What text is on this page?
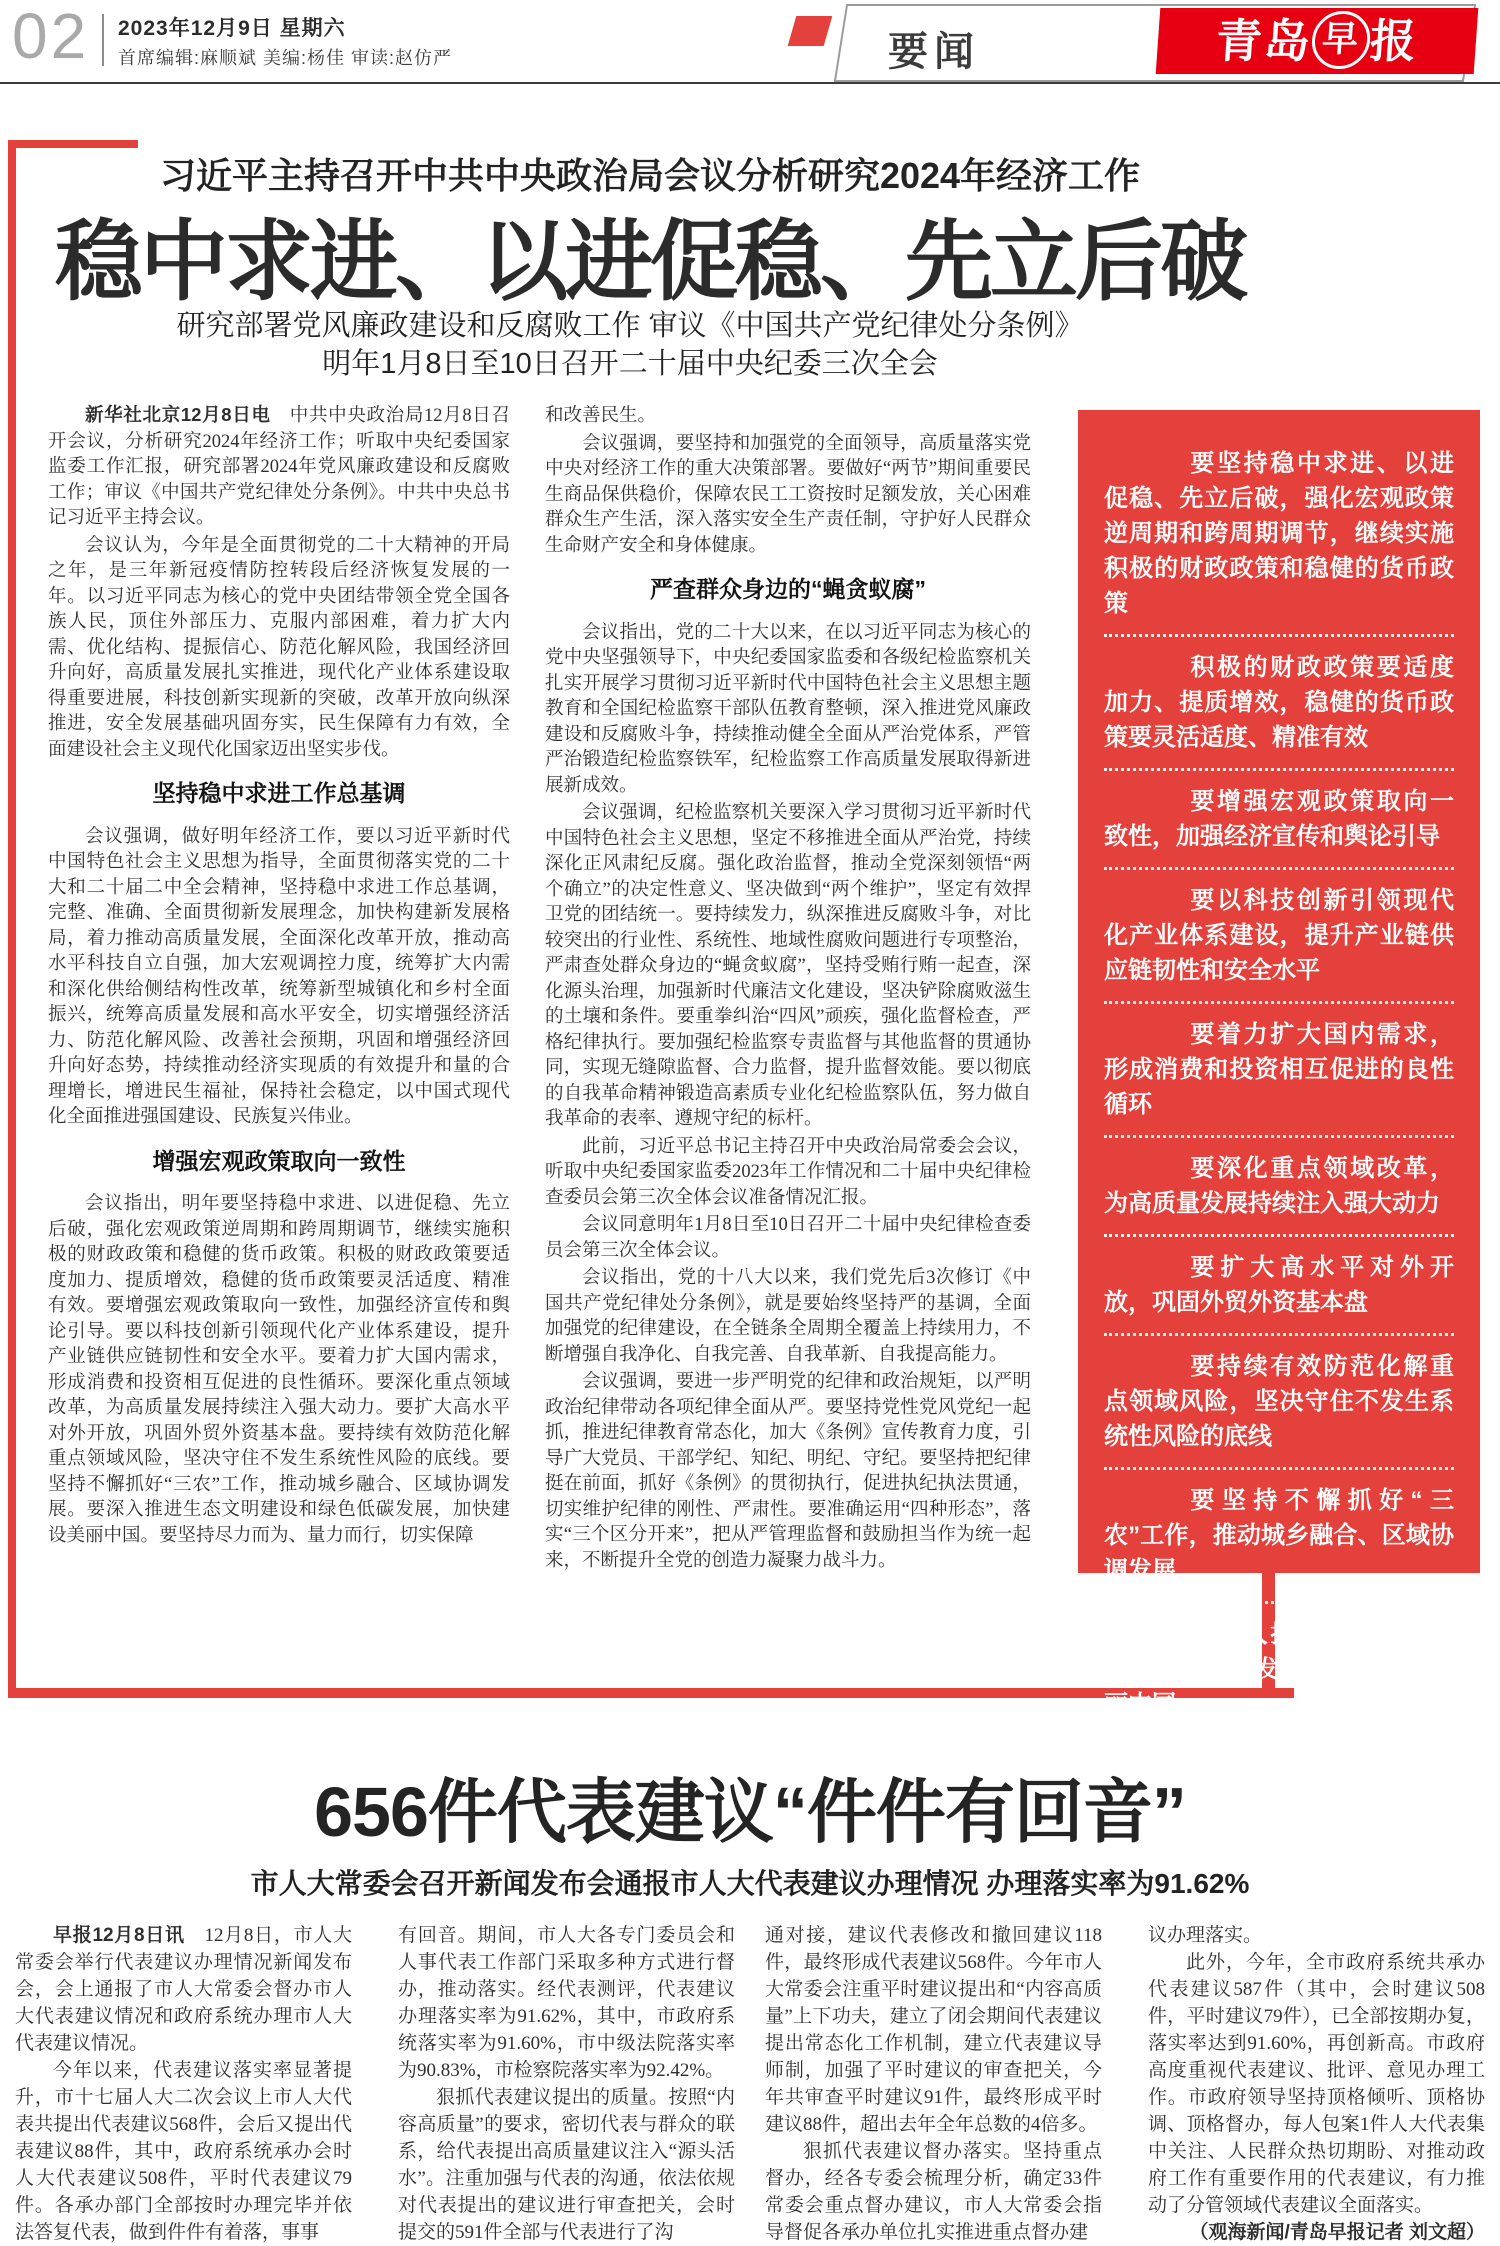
02 2023年12月9日 星期六
首席编辑:麻顺斌 美编:杨佳 审读:赵仿严	要闻	青岛 早 报
习近平主持召开中共中央政治局会议分析研究2024年经济工作
稳中求进、以进促稳、先立后破
研究部署党风廉政建设和反腐败工作 审议《中国共产党纪律处分条例》
明年1月8日至10日召开二十届中央纪委三次全会
新华社北京12月8日电　中共中央政治局12月8日召开会议，分析研究2024年经济工作；听取中央纪委国家监委工作汇报，研究部署2024年党风廉政建设和反腐败工作；审议《中国共产党纪律处分条例》。中共中央总书记习近平主持会议。
会议认为，今年是全面贯彻党的二十大精神的开局之年，是三年新冠疫情防控转段后经济恢复发展的一年。以习近平同志为核心的党中央团结带领全党全国各族人民，顶住外部压力、克服内部困难，着力扩大内需、优化结构、提振信心、防范化解风险，我国经济回升向好，高质量发展扎实推进，现代化产业体系建设取得重要进展，科技创新实现新的突破，改革开放向纵深推进，安全发展基础巩固夯实，民生保障有力有效，全面建设社会主义现代化国家迈出坚实步伐。
坚持稳中求进工作总基调
会议强调，做好明年经济工作，要以习近平新时代中国特色社会主义思想为指导，全面贯彻落实党的二十大和二十届二中全会精神，坚持稳中求进工作总基调，完整、准确、全面贯彻新发展理念，加快构建新发展格局，着力推动高质量发展，全面深化改革开放，推动高水平科技自立自强，加大宏观调控力度，统筹扩大内需和深化供给侧结构性改革，统筹新型城镇化和乡村全面振兴，统筹高质量发展和高水平安全，切实增强经济活力、防范化解风险、改善社会预期，巩固和增强经济回升向好态势，持续推动经济实现质的有效提升和量的合理增长，增进民生福祉，保持社会稳定，以中国式现代化全面推进强国建设、民族复兴伟业。
增强宏观政策取向一致性
会议指出，明年要坚持稳中求进、以进促稳、先立后破，强化宏观政策逆周期和跨周期调节，继续实施积极的财政政策和稳健的货币政策。积极的财政政策要适度加力、提质增效，稳健的货币政策要灵活适度、精准有效。要增强宏观政策取向一致性，加强经济宣传和舆论引导。要以科技创新引领现代化产业体系建设，提升产业链供应链韧性和安全水平。要着力扩大国内需求，形成消费和投资相互促进的良性循环。要深化重点领域改革，为高质量发展持续注入强大动力。要扩大高水平对外开放，巩固外贸外资基本盘。要持续有效防范化解重点领域风险，坚决守住不发生系统性风险的底线。要坚持不懈抓好“三农”工作，推动城乡融合、区域协调发展。要深入推进生态文明建设和绿色低碳发展，加快建设美丽中国。要坚持尽力而为、量力而行，切实保障
和改善民生。
会议强调，要坚持和加强党的全面领导，高质量落实党中央对经济工作的重大决策部署。要做好“两节”期间重要民生商品保供稳价，保障农民工工资按时足额发放，关心困难群众生产生活，深入落实安全生产责任制，守护好人民群众生命财产安全和身体健康。
严查群众身边的“蝇贪蚁腐”
会议指出，党的二十大以来，在以习近平同志为核心的党中央坚强领导下，中央纪委国家监委和各级纪检监察机关扎实开展学习贯彻习近平新时代中国特色社会主义思想主题教育和全国纪检监察干部队伍教育整顿，深入推进党风廉政建设和反腐败斗争，持续推动健全全面从严治党体系，严管严治锻造纪检监察铁军，纪检监察工作高质量发展取得新进展新成效。
会议强调，纪检监察机关要深入学习贯彻习近平新时代中国特色社会主义思想，坚定不移推进全面从严治党，持续深化正风肃纪反腐。强化政治监督，推动全党深刻领悟“两个确立”的决定性意义、坚决做到“两个维护”，坚定有效捍卫党的团结统一。要持续发力，纵深推进反腐败斗争，对比较突出的行业性、系统性、地域性腐败问题进行专项整治，严肃查处群众身边的“蝇贪蚁腐”，坚持受贿行贿一起查，深化源头治理，加强新时代廉洁文化建设，坚决铲除腐败滋生的土壤和条件。要重拳纠治“四风”顽疾，强化监督检查，严格纪律执行。要加强纪检监察专责监督与其他监督的贯通协同，实现无缝隙监督、合力监督，提升监督效能。要以彻底的自我革命精神锻造高素质专业化纪检监察队伍，努力做自我革命的表率、遵规守纪的标杆。
此前，习近平总书记主持召开中央政治局常委会会议，听取中央纪委国家监委2023年工作情况和二十届中央纪律检查委员会第三次全体会议准备情况汇报。
会议同意明年1月8日至10日召开二十届中央纪律检查委员会第三次全体会议。
会议指出，党的十八大以来，我们党先后3次修订《中国共产党纪律处分条例》，就是要始终坚持严的基调，全面加强党的纪律建设，在全链条全周期全覆盖上持续用力，不断增强自我净化、自我完善、自我革新、自我提高能力。
会议强调，要进一步严明党的纪律和政治规矩，以严明政治纪律带动各项纪律全面从严。要坚持党性党风党纪一起抓，推进纪律教育常态化，加大《条例》宣传教育力度，引导广大党员、干部学纪、知纪、明纪、守纪。要坚持把纪律挺在前面，抓好《条例》的贯彻执行，促进执纪执法贯通，切实维护纪律的刚性、严肃性。要准确运用“四种形态”，落实“三个区分开来”，把从严管理监督和鼓励担当作为统一起来，不断提升全党的创造力凝聚力战斗力。
要坚持稳中求进、以进促稳、先立后破，强化宏观政策逆周期和跨周期调节，继续实施积极的财政政策和稳健的货币政策
积极的财政政策要适度加力、提质增效，稳健的货币政策要灵活适度、精准有效
要增强宏观政策取向一致性，加强经济宣传和舆论引导
要以科技创新引领现代化产业体系建设，提升产业链供应链韧性和安全水平
要着力扩大国内需求，形成消费和投资相互促进的良性循环
要深化重点领域改革，为高质量发展持续注入强大动力
要扩大高水平对外开放，巩固外贸外资基本盘
要持续有效防范化解重点领域风险，坚决守住不发生系统性风险的底线
要坚持不懈抓好“三农”工作，推动城乡融合、区域协调发展
要深入推进生态文明建设和绿色低碳发展，加快建设美丽中国
要坚持尽力而为、量力而行，切实保障和改善民生
656件代表建议“件件有回音”
市人大常委会召开新闻发布会通报市人大代表建议办理情况 办理落实率为91.62%
早报12月8日讯　12月8日，市人大常委会举行代表建议办理情况新闻发布会，会上通报了市人大常委会督办市人大代表建议情况和政府系统办理市人大代表建议情况。
今年以来，代表建议落实率显著提升，市十七届人大二次会议上市人大代表共提出代表建议568件，会后又提出代表建议88件，其中，政府系统承办会时人大代表建议508件，平时代表建议79件。各承办部门全部按时办理完毕并依法答复代表，做到件件有着落，事事
有回音。期间，市人大各专门委员会和人事代表工作部门采取多种方式进行督办，推动落实。经代表测评，代表建议办理落实率为91.62%，其中，市政府系统落实率为91.60%，市中级法院落实率为90.83%，市检察院落实率为92.42%。
狠抓代表建议提出的质量。按照“内容高质量”的要求，密切代表与群众的联系，给代表提出高质量建议注入“源头活水”。注重加强与代表的沟通，依法依规对代表提出的建议进行审查把关，会时提交的591件全部与代表进行了沟
通对接，建议代表修改和撤回建议118件，最终形成代表建议568件。今年市人大常委会注重平时建议提出和“内容高质量”上下功夫，建立了闭会期间代表建议提出常态化工作机制，建立代表建议导师制，加强了平时建议的审查把关，今年共审查平时建议91件，最终形成平时建议88件，超出去年全年总数的4倍多。
狠抓代表建议督办落实。坚持重点督办，经各专委会梳理分析，确定33件常委会重点督办建议，市人大常委会指导督促各承办单位扎实推进重点督办建
议办理落实。
此外，今年，全市政府系统共承办代表建议587件（其中，会时建议508件，平时建议79件），已全部按期办复，落实率达到91.60%，再创新高。市政府高度重视代表建议、批评、意见办理工作。市政府领导坚持顶格倾听、顶格协调、顶格督办，每人包案1件人大代表集中关注、人民群众热切期盼、对推动政府工作有重要作用的代表建议，有力推动了分管领域代表建议全面落实。
（观海新闻/青岛早报记者 刘文超）
